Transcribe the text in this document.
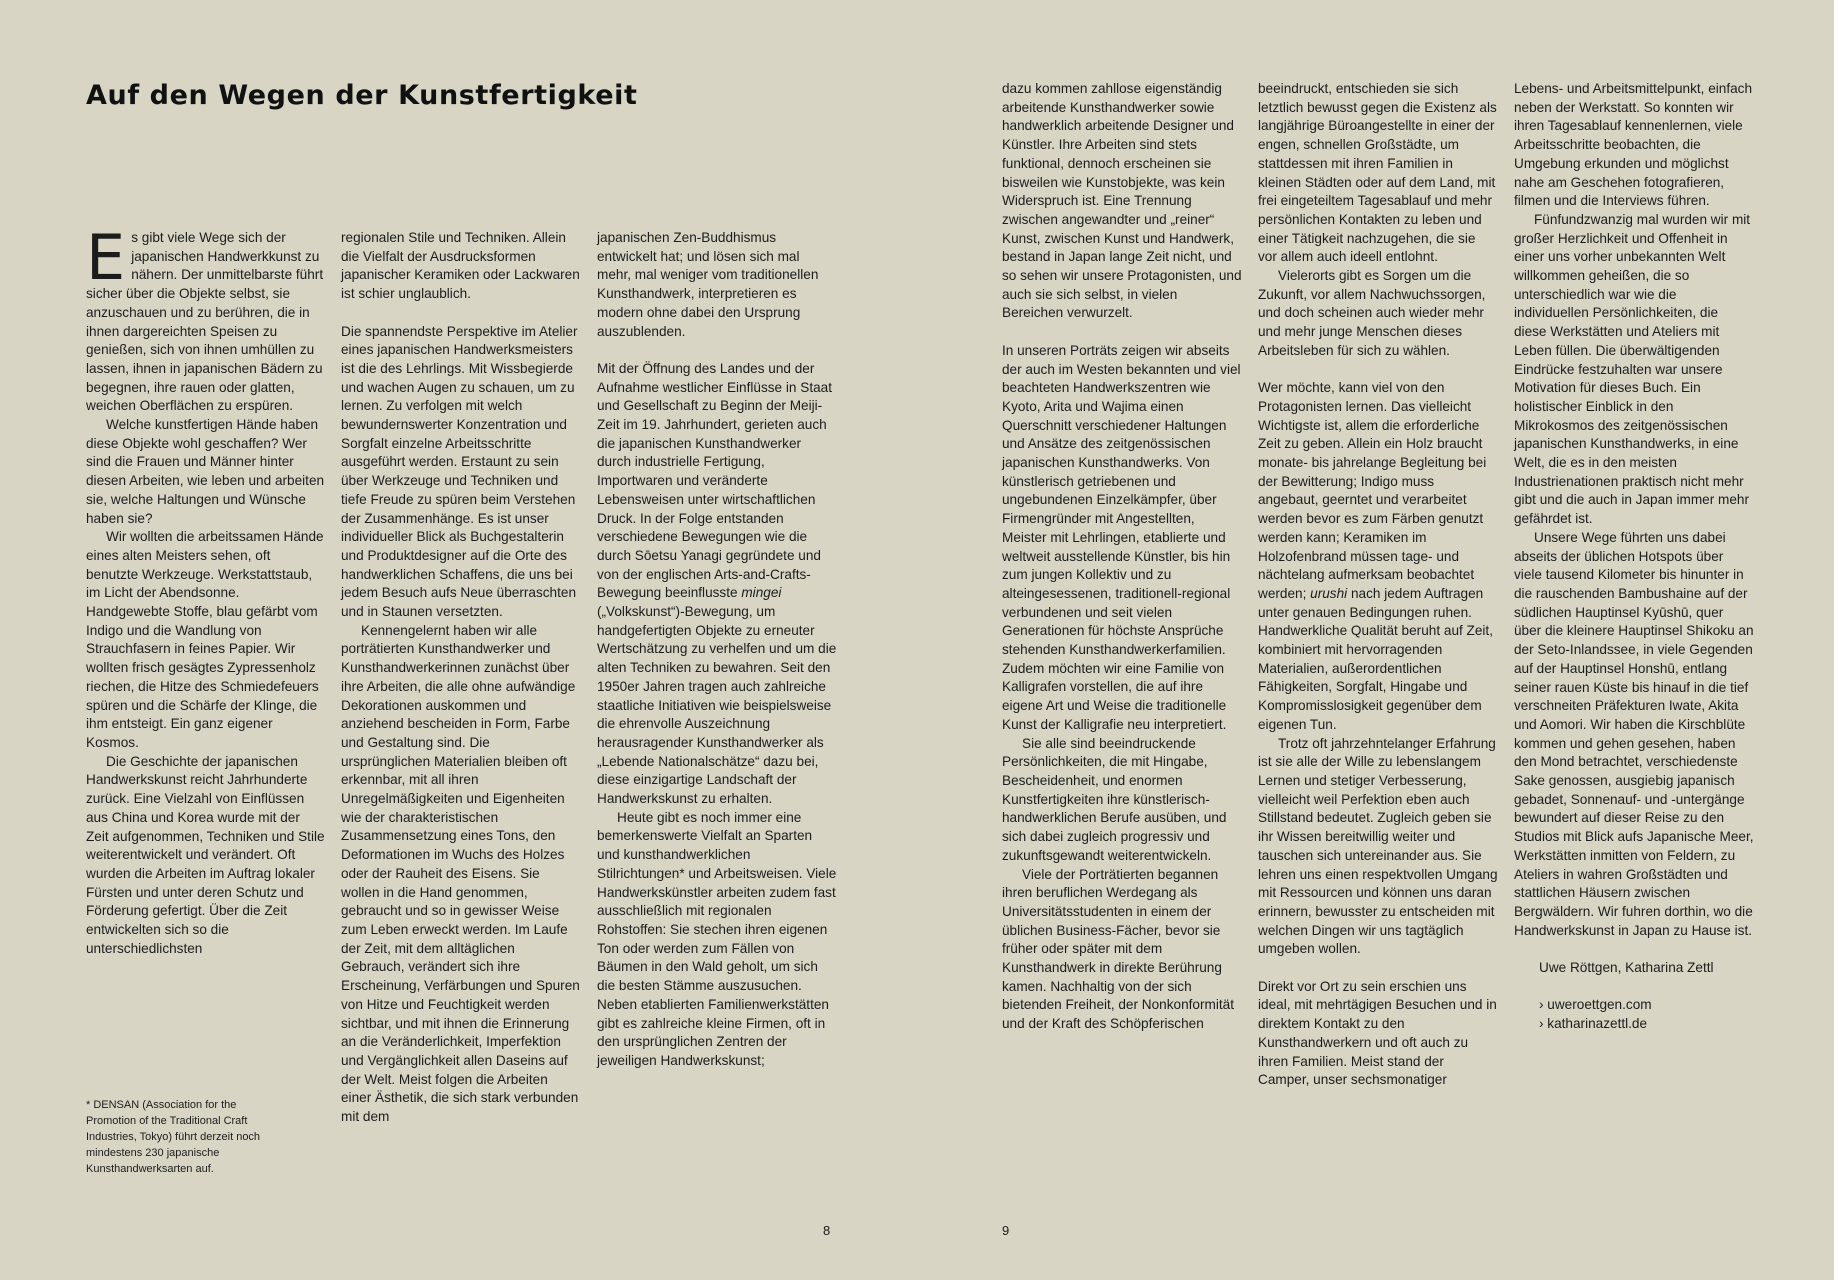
Auf den Wegen der Kunstfertigkeit

Es gibt viele Wege sich der japanischen Handwerkkunst zu nähern. Der unmittelbarste führt sicher über die Objekte selbst, sie anzuschauen und zu berühren, die in ihnen dargereichten Speisen zu genießen, sich von ihnen umhüllen zu lassen, ihnen in japanischen Bädern zu begegnen, ihre rauen oder glatten, weichen Oberflächen zu erspüren.

Welche kunstfertigen Hände haben diese Objekte wohl geschaffen? Wer sind die Frauen und Männer hinter diesen Arbeiten, wie leben und arbeiten sie, welche Haltungen und Wünsche haben sie?

Wir wollten die arbeitssamen Hände eines alten Meisters sehen, oft benutzte Werkzeuge. Werkstattstaub, im Licht der Abendsonne. Handgewebte Stoffe, blau gefärbt vom Indigo und die Wandlung von Strauchfasern in feines Papier. Wir wollten frisch gesägtes Zypressenholz riechen, die Hitze des Schmiedefeuers spüren und die Schärfe der Klinge, die ihm entsteigt. Ein ganz eigener Kosmos.

Die Geschichte der japanischen Handwerkskunst reicht Jahrhunderte zurück. Eine Vielzahl von Einflüssen aus China und Korea wurde mit der Zeit aufgenommen, Techniken und Stile weiterentwickelt und verändert. Oft wurden die Arbeiten im Auftrag lokaler Fürsten und unter deren Schutz und Förderung gefertigt. Über die Zeit entwickelten sich so die unterschiedlichsten

* DENSAN (Association for the Promotion of the Traditional Craft Industries, Tokyo) führt derzeit noch mindestens 230 japanische Kunsthandwerksarten auf.

regionalen Stile und Techniken. Allein die Vielfalt der Ausdrucksformen japanischer Keramiken oder Lackwaren ist schier unglaublich.

Die spannendste Perspektive im Atelier eines japanischen Handwerksmeisters ist die des Lehrlings. Mit Wissbegierde und wachen Augen zu schauen, um zu lernen. Zu verfolgen mit welch bewundernswerter Konzentration und Sorgfalt einzelne Arbeitsschritte ausgeführt werden. Erstaunt zu sein über Werkzeuge und Techniken und tiefe Freude zu spüren beim Verstehen der Zusammenhänge. Es ist unser individueller Blick als Buchgestalterin und Produktdesigner auf die Orte des handwerklichen Schaffens, die uns bei jedem Besuch aufs Neue überraschten und in Staunen versetzten.

Kennengelernt haben wir alle porträtierten Kunsthandwerker und Kunsthandwerkerinnen zunächst über ihre Arbeiten, die alle ohne aufwändige Dekorationen auskommen und anziehend bescheiden in Form, Farbe und Gestaltung sind. Die ursprünglichen Materialien bleiben oft erkennbar, mit all ihren Unregelmäßigkeiten und Eigenheiten wie der charakteristischen Zusammensetzung eines Tons, den Deformationen im Wuchs des Holzes oder der Rauheit des Eisens. Sie wollen in die Hand genommen, gebraucht und so in gewisser Weise zum Leben erweckt werden. Im Laufe der Zeit, mit dem alltäglichen Gebrauch, verändert sich ihre Erscheinung, Verfärbungen und Spuren von Hitze und Feuchtigkeit werden sichtbar, und mit ihnen die Erinnerung an die Veränderlichkeit, Imperfektion und Vergänglichkeit allen Daseins auf der Welt. Meist folgen die Arbeiten einer Ästhetik, die sich stark verbunden mit dem

japanischen Zen-Buddhismus entwickelt hat; und lösen sich mal mehr, mal weniger vom traditionellen Kunsthandwerk, interpretieren es modern ohne dabei den Ursprung auszublenden.

Mit der Öffnung des Landes und der Aufnahme westlicher Einflüsse in Staat und Gesellschaft zu Beginn der Meiji-Zeit im 19. Jahrhundert, gerieten auch die japanischen Kunsthandwerker durch industrielle Fertigung, Importwaren und veränderte Lebensweisen unter wirtschaftlichen Druck. In der Folge entstanden verschiedene Bewegungen wie die durch Sōetsu Yanagi gegründete und von der englischen Arts-and-Crafts-Bewegung beeinflusste mingei („Volkskunst“)-Bewegung, um handgefertigten Objekte zu erneuter Wertschätzung zu verhelfen und um die alten Techniken zu bewahren. Seit den 1950er Jahren tragen auch zahlreiche staatliche Initiativen wie beispielsweise die ehrenvolle Auszeichnung herausragender Kunsthandwerker als „Lebende Nationalschätze“ dazu bei, diese einzigartige Landschaft der Handwerkskunst zu erhalten.

Heute gibt es noch immer eine bemerkenswerte Vielfalt an Sparten und kunsthandwerklichen Stilrichtungen* und Arbeitsweisen. Viele Handwerkskünstler arbeiten zudem fast ausschließlich mit regionalen Rohstoffen: Sie stechen ihren eigenen Ton oder werden zum Fällen von Bäumen in den Wald geholt, um sich die besten Stämme auszusuchen. Neben etablierten Familienwerkstätten gibt es zahlreiche kleine Firmen, oft in den ursprünglichen Zentren der jeweiligen Handwerkskunst;

8

dazu kommen zahllose eigenständig arbeitende Kunsthandwerker sowie handwerklich arbeitende Designer und Künstler. Ihre Arbeiten sind stets funktional, dennoch erscheinen sie bisweilen wie Kunstobjekte, was kein Widerspruch ist. Eine Trennung zwischen angewandter und „reiner“ Kunst, zwischen Kunst und Handwerk, bestand in Japan lange Zeit nicht, und so sehen wir unsere Protagonisten, und auch sie sich selbst, in vielen Bereichen verwurzelt.

In unseren Porträts zeigen wir abseits der auch im Westen bekannten und viel beachteten Handwerkszentren wie Kyoto, Arita und Wajima einen Querschnitt verschiedener Haltungen und Ansätze des zeitgenössischen japanischen Kunsthandwerks. Von künstlerisch getriebenen und ungebundenen Einzelkämpfer, über Firmengründer mit Angestellten, Meister mit Lehrlingen, etablierte und weltweit ausstellende Künstler, bis hin zum jungen Kollektiv und zu alteingesessenen, traditionell-regional verbundenen und seit vielen Generationen für höchste Ansprüche stehenden Kunsthandwerkerfamilien. Zudem möchten wir eine Familie von Kalligrafen vorstellen, die auf ihre eigene Art und Weise die traditionelle Kunst der Kalligrafie neu interpretiert.

Sie alle sind beeindruckende Persönlichkeiten, die mit Hingabe, Bescheidenheit, und enormen Kunstfertigkeiten ihre künstlerisch-handwerklichen Berufe ausüben, und sich dabei zugleich progressiv und zukunftsgewandt weiterentwickeln.

Viele der Porträtierten begannen ihren beruflichen Werdegang als Universitätsstudenten in einem der üblichen Business-Fächer, bevor sie früher oder später mit dem Kunsthandwerk in direkte Berührung kamen. Nachhaltig von der sich bietenden Freiheit, der Nonkonformität und der Kraft des Schöpferischen

beeindruckt, entschieden sie sich letztlich bewusst gegen die Existenz als langjährige Büroangestellte in einer der engen, schnellen Großstädte, um stattdessen mit ihren Familien in kleinen Städten oder auf dem Land, mit frei eingeteiltem Tagesablauf und mehr persönlichen Kontakten zu leben und einer Tätigkeit nachzugehen, die sie vor allem auch ideell entlohnt.

Vielerorts gibt es Sorgen um die Zukunft, vor allem Nachwuchssorgen, und doch scheinen auch wieder mehr und mehr junge Menschen dieses Arbeitsleben für sich zu wählen.

Wer möchte, kann viel von den Protagonisten lernen. Das vielleicht Wichtigste ist, allem die erforderliche Zeit zu geben. Allein ein Holz braucht monate- bis jahrelange Begleitung bei der Bewitterung; Indigo muss angebaut, geerntet und verarbeitet werden bevor es zum Färben genutzt werden kann; Keramiken im Holzofenbrand müssen tage- und nächtelang aufmerksam beobachtet werden; urushi nach jedem Auftragen unter genauen Bedingungen ruhen. Handwerkliche Qualität beruht auf Zeit, kombiniert mit hervorragenden Materialien, außerordentlichen Fähigkeiten, Sorgfalt, Hingabe und Kompromisslosigkeit gegenüber dem eigenen Tun.

Trotz oft jahrzehntelanger Erfahrung ist sie alle der Wille zu lebenslangem Lernen und stetiger Verbesserung, vielleicht weil Perfektion eben auch Stillstand bedeutet. Zugleich geben sie ihr Wissen bereitwillig weiter und tauschen sich untereinander aus. Sie lehren uns einen respektvollen Umgang mit Ressourcen und können uns daran erinnern, bewusster zu entscheiden mit welchen Dingen wir uns tagtäglich umgeben wollen.

Direkt vor Ort zu sein erschien uns ideal, mit mehrtägigen Besuchen und in direktem Kontakt zu den Kunsthandwerkern und oft auch zu ihren Familien. Meist stand der Camper, unser sechsmonatiger

Lebens- und Arbeitsmittelpunkt, einfach neben der Werkstatt. So konnten wir ihren Tagesablauf kennenlernen, viele Arbeitsschritte beobachten, die Umgebung erkunden und möglichst nahe am Geschehen fotografieren, filmen und die Interviews führen.

Fünfundzwanzig mal wurden wir mit großer Herzlichkeit und Offenheit in einer uns vorher unbekannten Welt willkommen geheißen, die so unterschiedlich war wie die individuellen Persönlichkeiten, die diese Werkstätten und Ateliers mit Leben füllen. Die überwältigenden Eindrücke festzuhalten war unsere Motivation für dieses Buch. Ein holistischer Einblick in den Mikrokosmos des zeitgenössischen japanischen Kunsthandwerks, in eine Welt, die es in den meisten Industrienationen praktisch nicht mehr gibt und die auch in Japan immer mehr gefährdet ist.

Unsere Wege führten uns dabei abseits der üblichen Hotspots über viele tausend Kilometer bis hinunter in die rauschenden Bambushaine auf der südlichen Hauptinsel Kyūshū, quer über die kleinere Hauptinsel Shikoku an der Seto-Inlandssee, in viele Gegenden auf der Hauptinsel Honshū, entlang seiner rauen Küste bis hinauf in die tief verschneiten Präfekturen Iwate, Akita und Aomori. Wir haben die Kirschblüte kommen und gehen gesehen, haben den Mond betrachtet, verschiedenste Sake genossen, ausgiebig japanisch gebadet, Sonnenauf- und -untergänge bewundert auf dieser Reise zu den Studios mit Blick aufs Japanische Meer, Werkstätten inmitten von Feldern, zu Ateliers in wahren Großstädten und stattlichen Häusern zwischen Bergwäldern. Wir fuhren dorthin, wo die Handwerkskunst in Japan zu Hause ist.

Uwe Röttgen, Katharina Zettl

› uweroettgen.com

› katharinazettl.de

9
